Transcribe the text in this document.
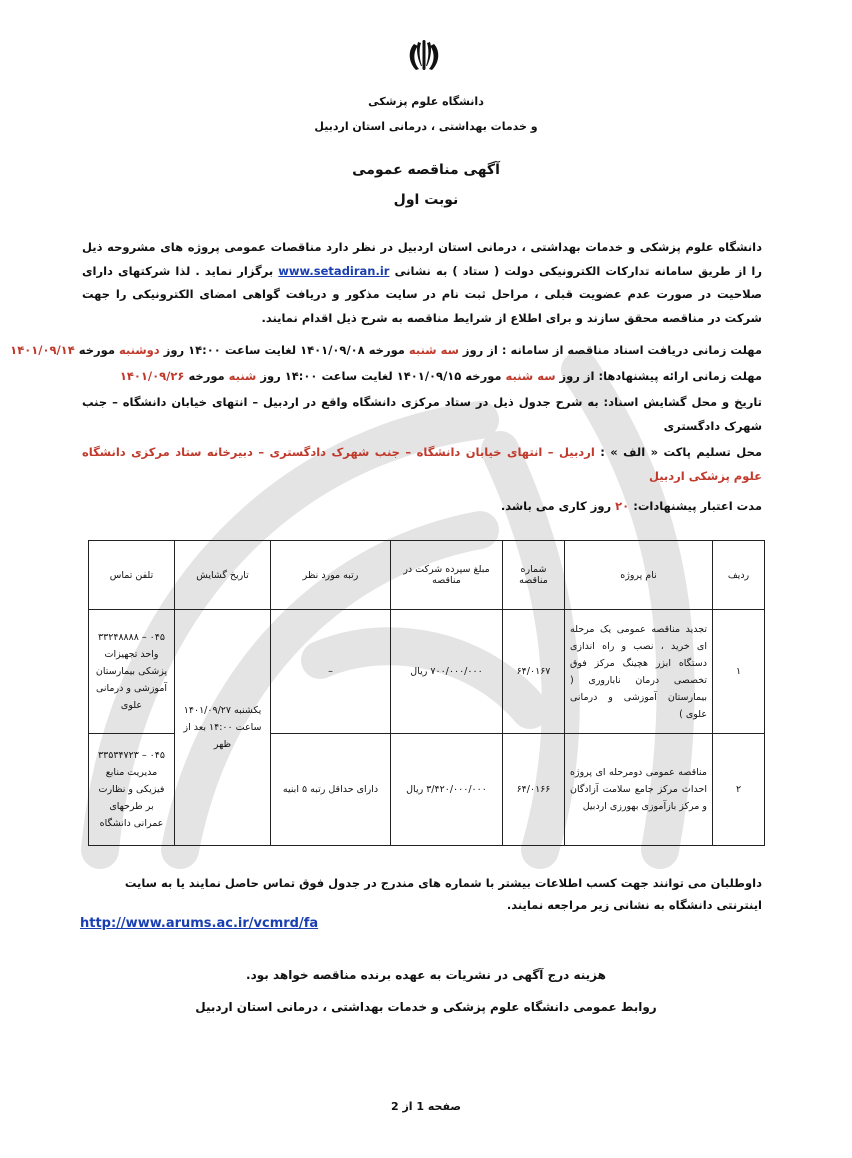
دانشگاه علوم پزشکی
و خدمات بهداشتی ، درمانی استان اردبیل
آگهی مناقصه عمومی
نوبت اول
دانشگاه علوم پزشکی و خدمات بهداشتی ، درمانی استان اردبیل در نظر دارد مناقصات عمومی پروژه های مشروحه ذیل را از طریق سامانه تدارکات الکترونیکی دولت ( ستاد ) به نشانی www.setadiran.ir برگزار نماید . لذا شرکتهای دارای صلاحیت در صورت عدم عضویت قبلی ، مراحل ثبت نام در سایت مذکور و دریافت گواهی امضای الکترونیکی را جهت شرکت در مناقصه محقق سازند و برای اطلاع از شرایط مناقصه به شرح ذیل اقدام نمایند.
مهلت زمانی دریافت اسناد مناقصه از سامانه : از روز سه شنبه مورخه ۱۴۰۱/۰۹/۰۸ لغایت ساعت ۱۴:۰۰ روز دوشنبه مورخه ۱۴۰۱/۰۹/۱۴
مهلت زمانی ارائه پیشنهادها: از روز سه شنبه مورخه ۱۴۰۱/۰۹/۱۵ لغایت ساعت ۱۴:۰۰ روز شنبه مورخه ۱۴۰۱/۰۹/۲۶
تاریخ و محل گشایش اسناد: به شرح جدول ذیل در ستاد مرکزی دانشگاه واقع در اردبیل – انتهای خیابان دانشگاه – جنب شهرک دادگستری
محل تسلیم پاکت « الف » : اردبیل – انتهای خیابان دانشگاه – جنب شهرک دادگستری – دبیرخانه ستاد مرکزی دانشگاه علوم پزشکی اردبیل
مدت اعتبار پیشنهادات: ۲۰ روز کاری می باشد.
ردیف	نام پروژه	شماره مناقصه	مبلغ سپرده شرکت در مناقصه	رتبه مورد نظر	تاریخ گشایش	تلفن تماس
۱	تجدید مناقصه عمومی یک مرحله ای خرید ، نصب و راه اندازی دستگاه ابزر هچینگ مرکز فوق تخصصی درمان ناباروری ( بیمارستان آموزشی و درمانی علوی )	۶۴/۰۱۶۷	۷۰۰/۰۰۰/۰۰۰ ریال	–	یکشنبه ۱۴۰۱/۰۹/۲۷ ساعت ۱۴:۰۰ بعد از ظهر	۰۴۵ – ۳۳۲۴۸۸۸۸ واحد تجهیزات پزشکی بیمارستان آموزشی و درمانی علوی
۲	مناقصه عمومی دومرحله ای پروژه احداث مرکز جامع سلامت آزادگان و مرکز بازآموزی بهورزی اردبیل	۶۴/۰۱۶۶	۳/۴۲۰/۰۰۰/۰۰۰ ریال	دارای حداقل رتبه ۵ ابنیه		۰۴۵ – ۳۳۵۳۴۷۲۳ مدیریت منابع فیزیکی و نظارت بر طرحهای عمرانی دانشگاه
داوطلبان می توانند جهت کسب اطلاعات بیشتر با شماره های مندرج در جدول فوق تماس حاصل نمایند یا به سایت اینترنتی دانشگاه به نشانی زیر مراجعه نمایند.
http://www.arums.ac.ir/vcmrd/fa
هزینه درج آگهی در نشریات به عهده برنده مناقصه خواهد بود.
روابط عمومی دانشگاه علوم پزشکی و خدمات بهداشتی ، درمانی استان اردبیل
صفحه 1 از 2
